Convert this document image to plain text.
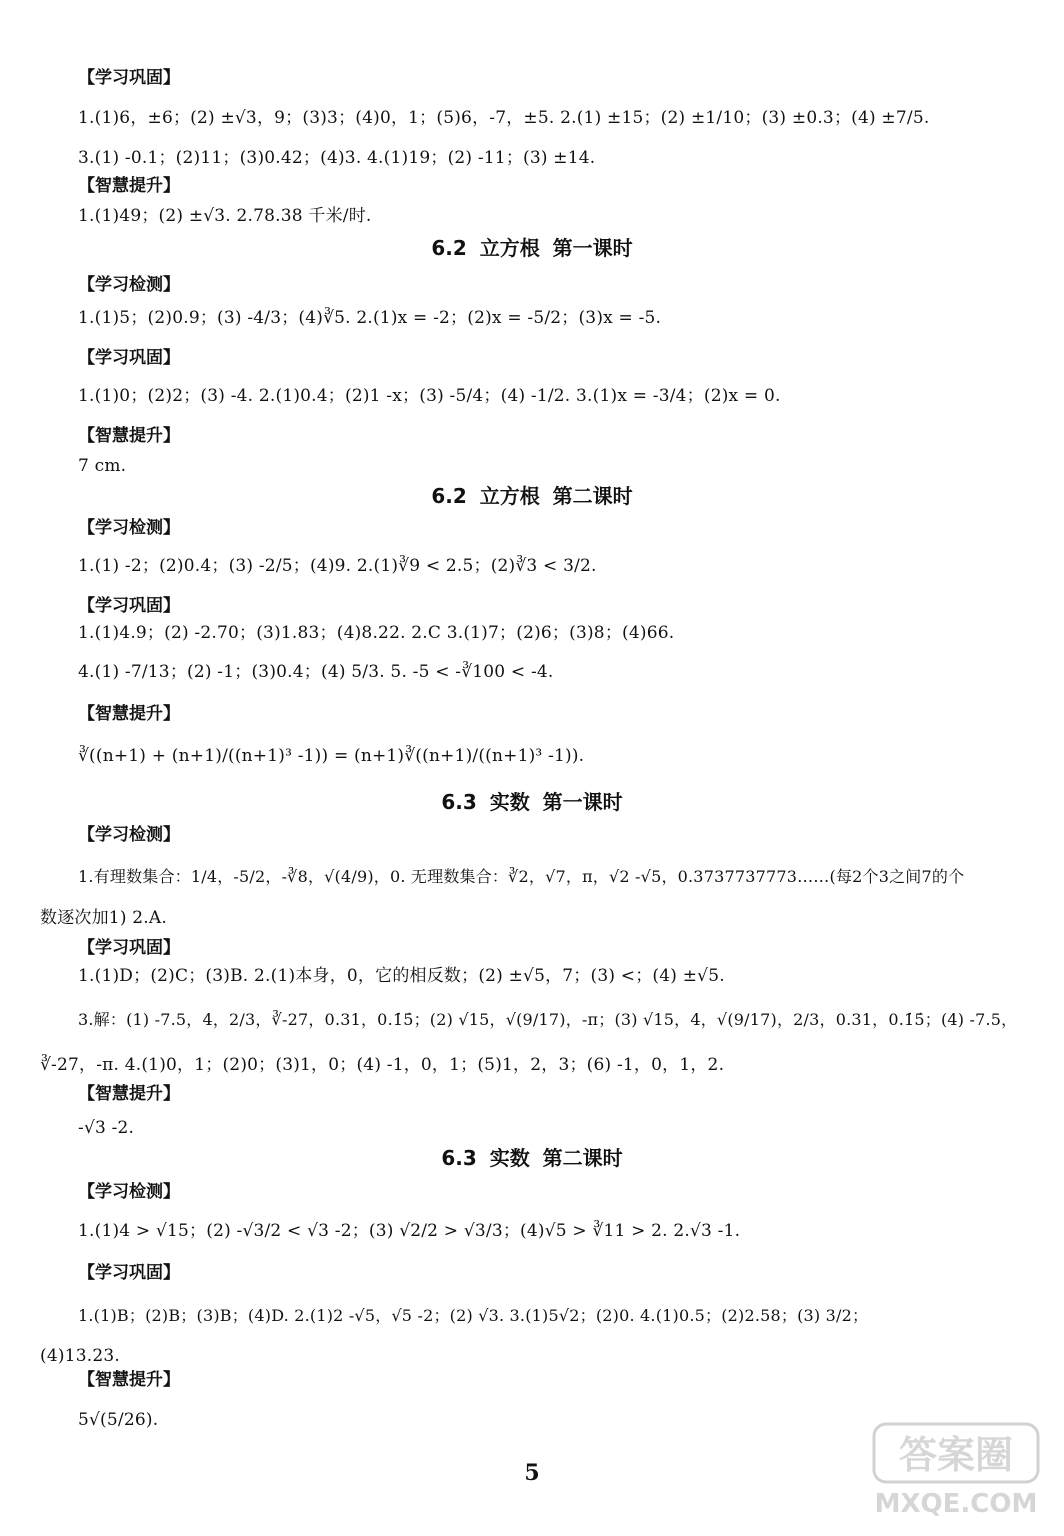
【学习巩固】
1.(1)6，±6；(2) ±√3，9；(3)3；(4)0，1；(5)6，-7，±5. 2.(1) ±15；(2) ±1/10；(3) ±0.3；(4) ±7/5.
3.(1) -0.1；(2)11；(3)0.42；(4)3. 4.(1)19；(2) -11；(3) ±14.
【智慧提升】
1.(1)49；(2) ±√3. 2.78.38 千米/时.
6.2 立方根 第一课时
【学习检测】
1.(1)5；(2)0.9；(3) -4/3；(4)∛5. 2.(1)x = -2；(2)x = -5/2；(3)x = -5.
【学习巩固】
1.(1)0；(2)2；(3) -4. 2.(1)0.4；(2)1 -x；(3) -5/4；(4) -1/2. 3.(1)x = -3/4；(2)x = 0.
【智慧提升】
7 cm.
6.2 立方根 第二课时
【学习检测】
1.(1) -2；(2)0.4；(3) -2/5；(4)9. 2.(1)∛9 < 2.5；(2)∛3 < 3/2.
【学习巩固】
1.(1)4.9；(2) -2.70；(3)1.83；(4)8.22. 2.C 3.(1)7；(2)6；(3)8；(4)66.
4.(1) -7/13；(2) -1；(3)0.4；(4) 5/3. 5. -5 < -∛100 < -4.
【智慧提升】
∛((n+1) + (n+1)/((n+1)³ -1)) = (n+1)∛((n+1)/((n+1)³ -1)).
6.3 实数 第一课时
【学习检测】
1.有理数集合：1/4，-5/2，-∛8，√(4/9)，0. 无理数集合：∛2，√7，π，√2 -√5，0.3737737773……(每2个3之间7的个
数逐次加1) 2.A.
【学习巩固】
1.(1)D；(2)C；(3)B. 2.(1)本身，0，它的相反数；(2) ±√5，7；(3) <；(4) ±√5.
3.解：(1) -7.5，4，2/3，∛-27，0.31，0.1̇5̇；(2) √15，√(9/17)，-π；(3) √15，4，√(9/17)，2/3，0.31，0.1̇5̇；(4) -7.5，
∛-27，-π. 4.(1)0，1；(2)0；(3)1，0；(4) -1，0，1；(5)1，2，3；(6) -1，0，1，2.
【智慧提升】
-√3 -2.
6.3 实数 第二课时
【学习检测】
1.(1)4 > √15；(2) -√3/2 < √3 -2；(3) √2/2 > √3/3；(4)√5 > ∛11 > 2. 2.√3 -1.
【学习巩固】
1.(1)B；(2)B；(3)B；(4)D. 2.(1)2 -√5，√5 -2；(2) √3. 3.(1)5√2；(2)0. 4.(1)0.5；(2)2.58；(3) 3/2；
(4)13.23.
【智慧提升】
5√(5/26).
5	答案圈
MXQE.COM
